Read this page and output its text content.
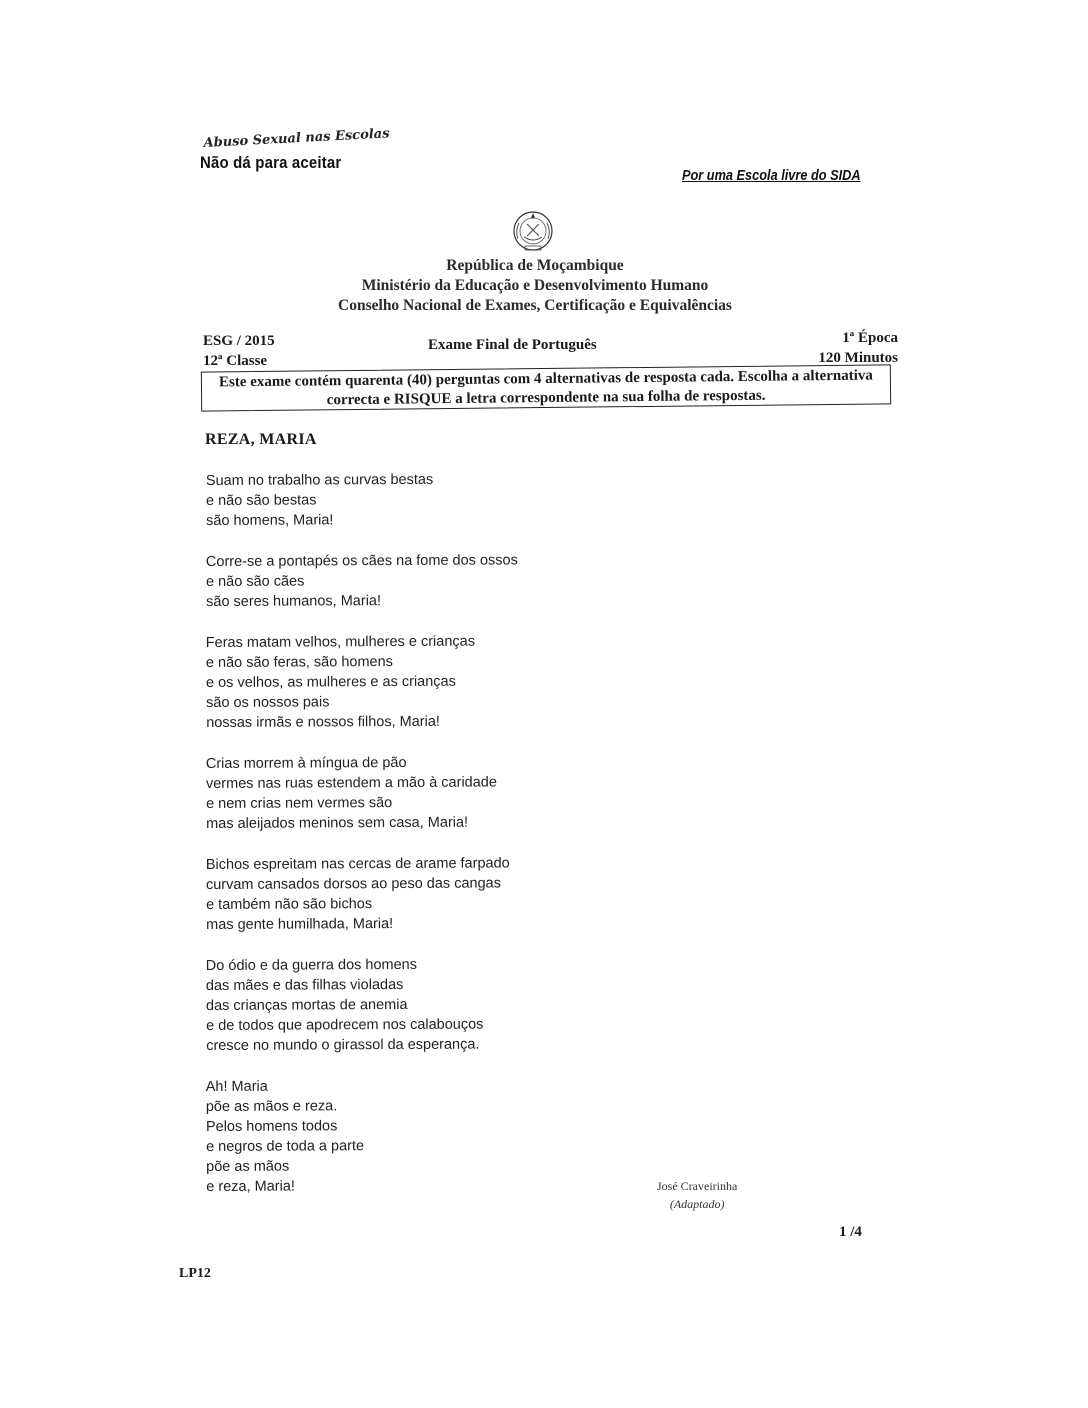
Abuso Sexual nas Escolas
Não dá para aceitar
Por uma Escola livre do SIDA
República de Moçambique
Ministério da Educação e Desenvolvimento Humano
Conselho Nacional de Exames, Certificação e Equivalências
ESG / 2015
12ª Classe
Exame Final de Português	1ª Época
120 Minutos
Este exame contém quarenta (40) perguntas com 4 alternativas de resposta cada. Escolha a alternativa correcta e RISQUE a letra correspondente na sua folha de respostas.
REZA, MARIA
Suam no trabalho as curvas bestas
e não são bestas
são homens, Maria!
Corre-se a pontapés os cães na fome dos ossos
e não são cães
são seres humanos, Maria!
Feras matam velhos, mulheres e crianças
e não são feras, são homens
e os velhos, as mulheres e as crianças
são os nossos pais
nossas irmãs e nossos filhos, Maria!
Crias morrem à míngua de pão
vermes nas ruas estendem a mão à caridade
e nem crias nem vermes são
mas aleijados meninos sem casa, Maria!
Bichos espreitam nas cercas de arame farpado
curvam cansados dorsos ao peso das cangas
e também não são bichos
mas gente humilhada, Maria!
Do ódio e da guerra dos homens
das mães e das filhas violadas
das crianças mortas de anemia
e de todos que apodrecem nos calabouços
cresce no mundo o girassol da esperança.
Ah! Maria
põe as mãos e reza.
Pelos homens todos
e negros de toda a parte
põe as mãos
e reza, Maria!	José Craveirinha
(Adaptado)
1 /4
LP12
